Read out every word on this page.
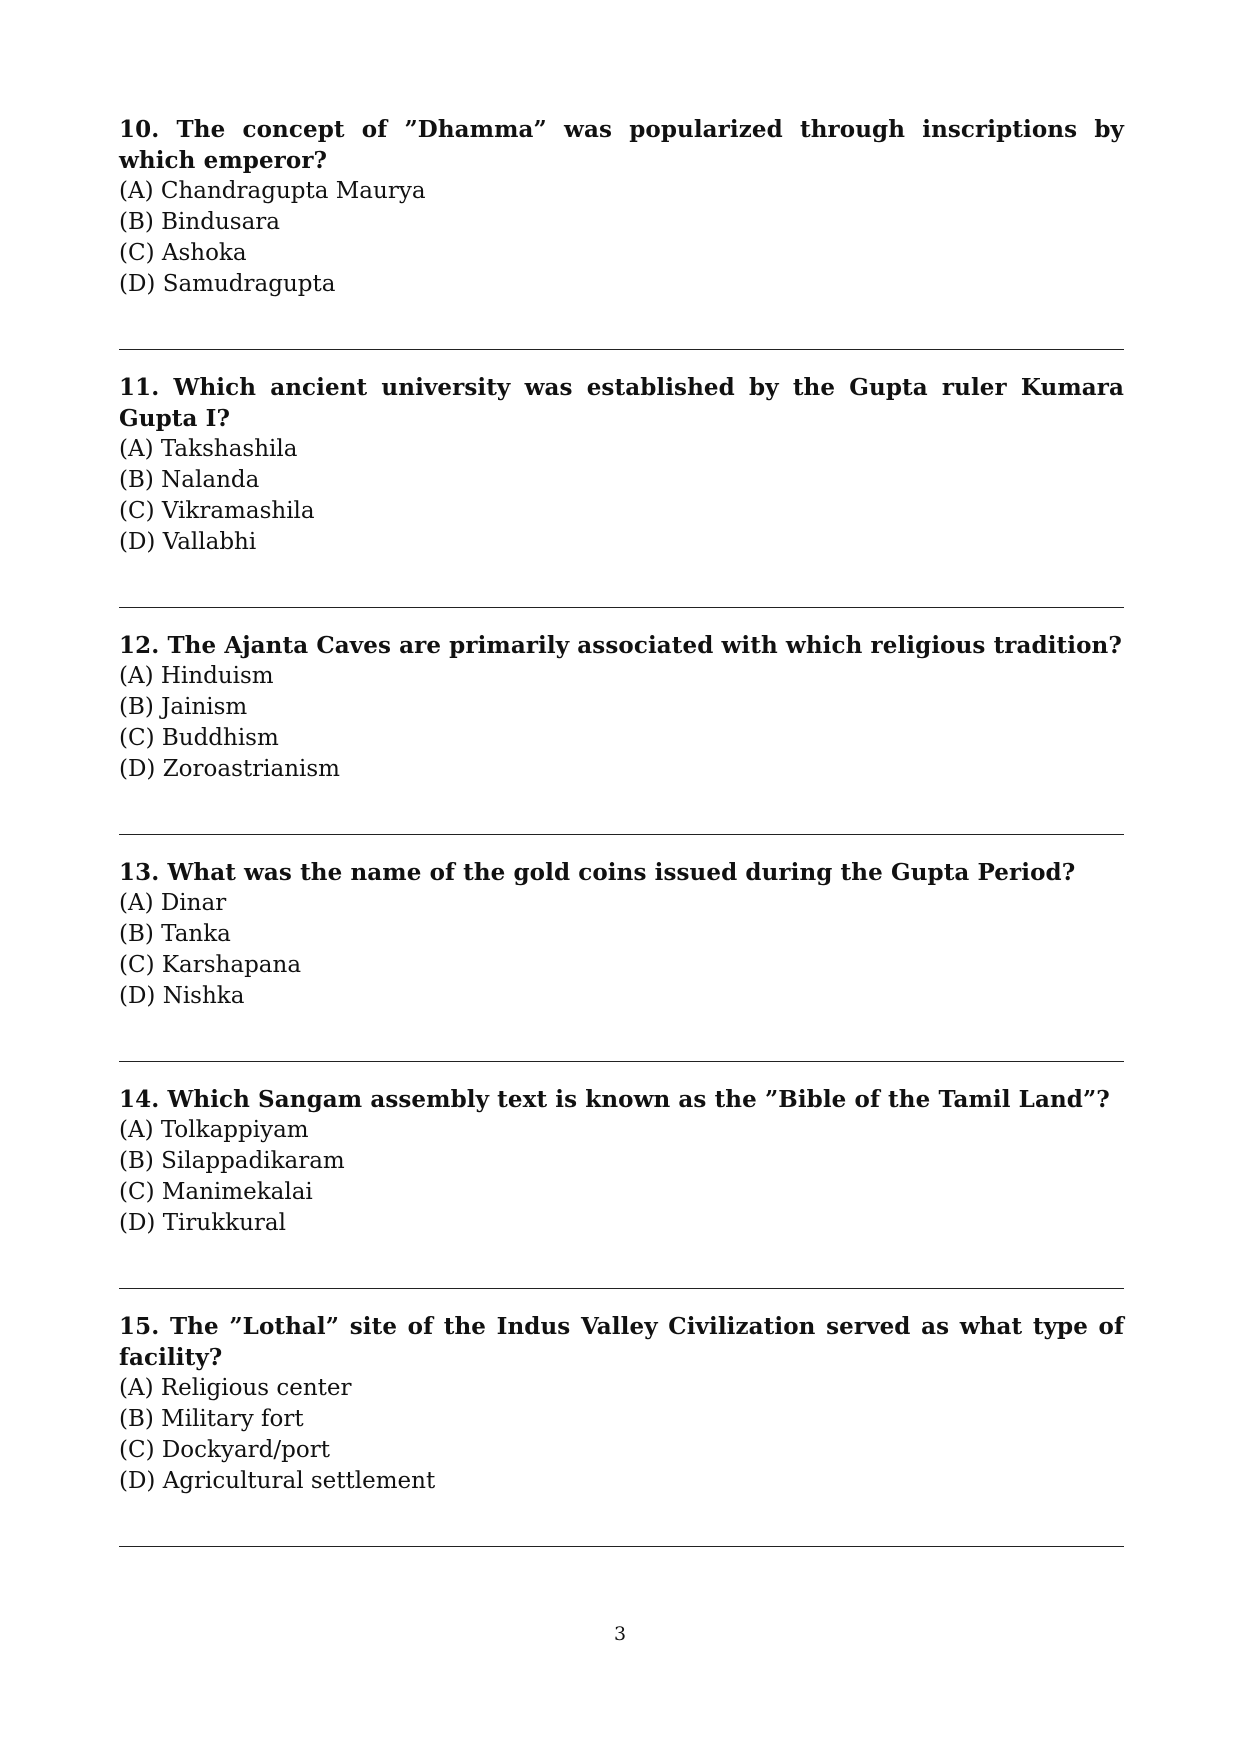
10. The concept of ”Dhamma” was popularized through inscriptions by which emperor?

(A) Chandragupta Maurya
(B) Bindusara
(C) Ashoka
(D) Samudragupta

11. Which ancient university was established by the Gupta ruler Kumara Gupta I?

(A) Takshashila
(B) Nalanda
(C) Vikramashila
(D) Vallabhi

12. The Ajanta Caves are primarily associated with which religious tradition?

(A) Hinduism
(B) Jainism
(C) Buddhism
(D) Zoroastrianism

13. What was the name of the gold coins issued during the Gupta Period?

(A) Dinar
(B) Tanka
(C) Karshapana
(D) Nishka

14. Which Sangam assembly text is known as the ”Bible of the Tamil Land”?

(A) Tolkappiyam
(B) Silappadikaram
(C) Manimekalai
(D) Tirukkural

15. The ”Lothal” site of the Indus Valley Civilization served as what type of facility?

(A) Religious center
(B) Military fort
(C) Dockyard/port
(D) Agricultural settlement
3
